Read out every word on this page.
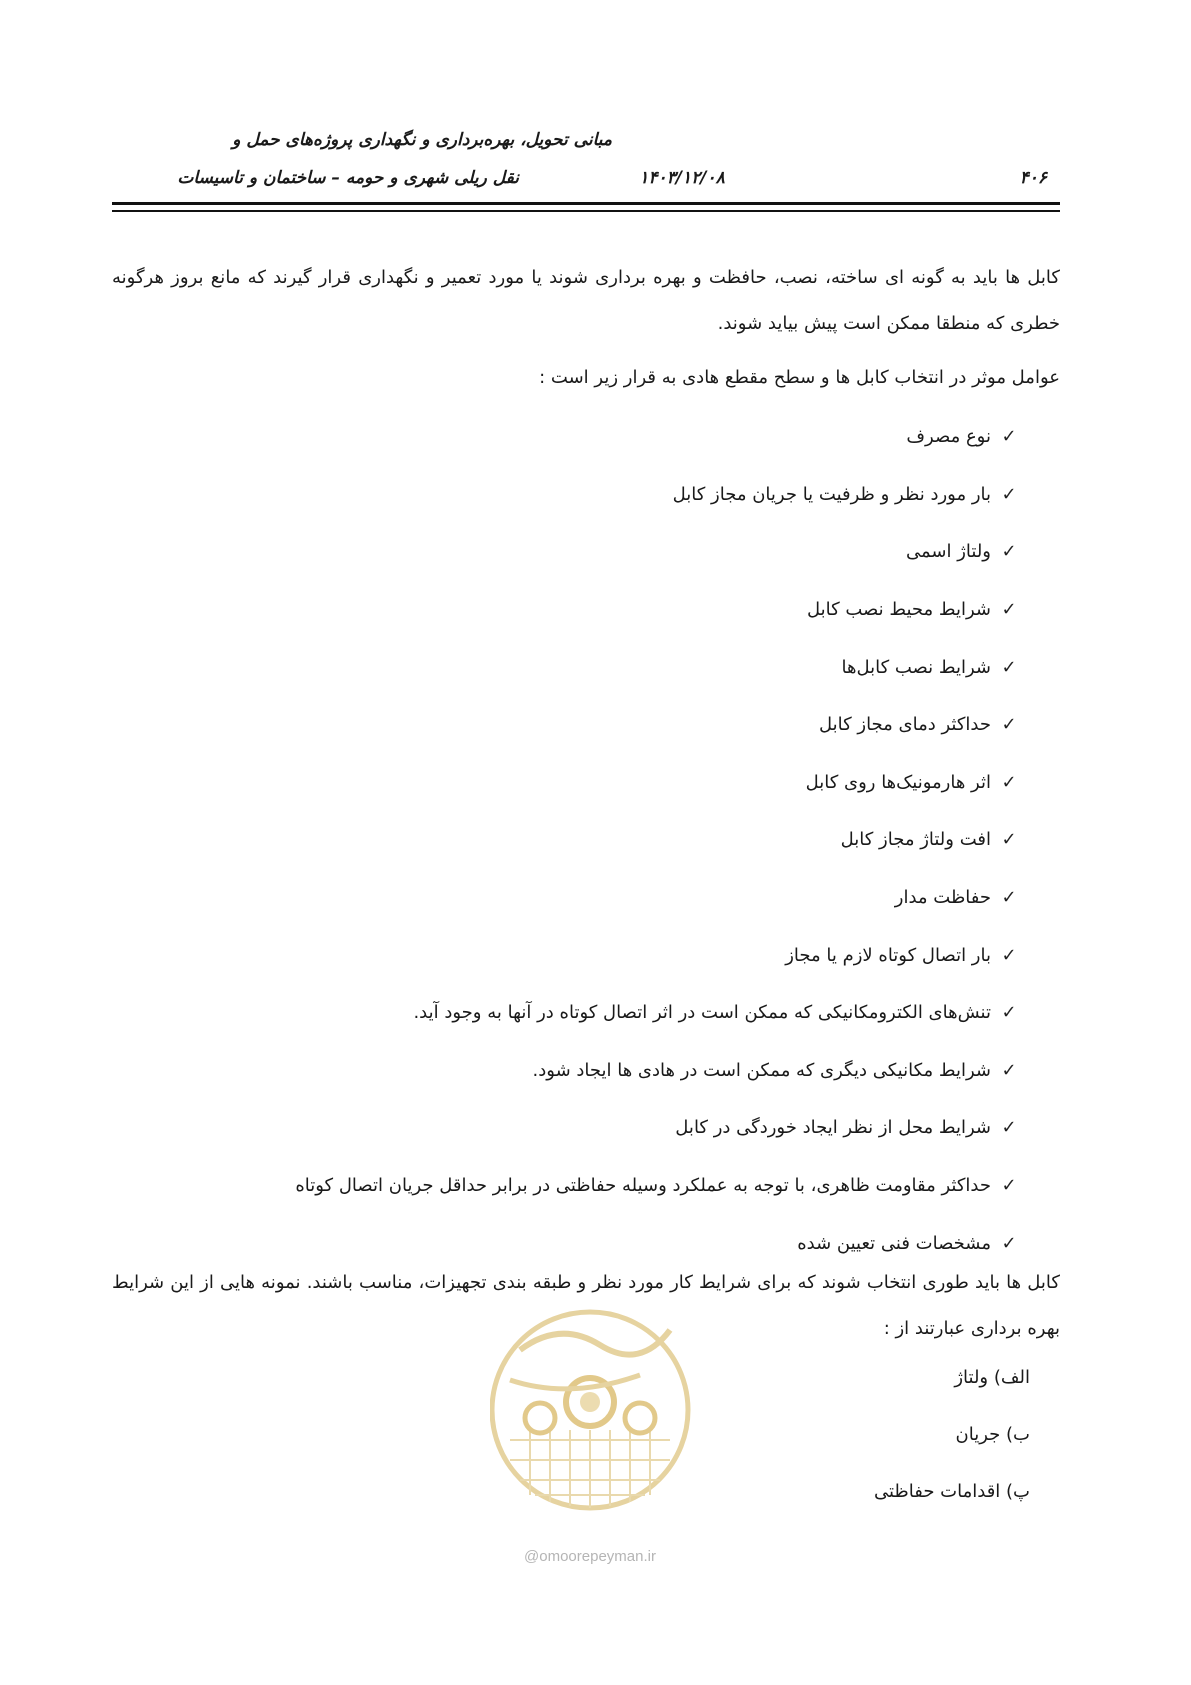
مبانی تحویل، بهره‌برداری و نگهداری پروژه‌های حمل و
نقل ریلی شهری و حومه – ساختمان و تاسیسات	۱۴۰۳/۱۲/۰۸	۴۰۶
کابل ها باید به گونه ای ساخته، نصب، حافظت و بهره برداری شوند یا مورد تعمیر و نگهداری قرار گیرند که مانع بروز هرگونه خطری که منطقا ممکن است پیش بیاید شوند.
عوامل موثر در انتخاب کابل ها و سطح مقطع هادی به قرار زیر است :
✓
نوع مصرف
✓
بار مورد نظر و ظرفیت یا جریان مجاز کابل
✓
ولتاژ اسمی
✓
شرایط محیط نصب کابل
✓
شرایط نصب کابل‌ها
✓
حداکثر دمای مجاز کابل
✓
اثر هارمونیک‌ها روی کابل
✓
افت ولتاژ مجاز کابل
✓
حفاظت مدار
✓
بار اتصال کوتاه لازم یا مجاز
✓
تنش‌های الکترومکانیکی که ممکن است در اثر اتصال کوتاه در آنها به وجود آید.
✓
شرایط مکانیکی دیگری که ممکن است در هادی ها ایجاد شود.
✓
شرایط محل از نظر ایجاد خوردگی در کابل
✓
حداکثر مقاومت ظاهری، با توجه به عملکرد وسیله حفاظتی در برابر حداقل جریان اتصال کوتاه
✓
مشخصات فنی تعیین شده
کابل ها باید طوری انتخاب شوند که برای شرایط کار مورد نظر و طبقه بندی تجهیزات، مناسب باشند. نمونه هایی از این شرایط بهره برداری عبارتند از :
@omoorepeyman.ir
الف) ولتاژ
ب) جریان
پ) اقدامات حفاظتی
